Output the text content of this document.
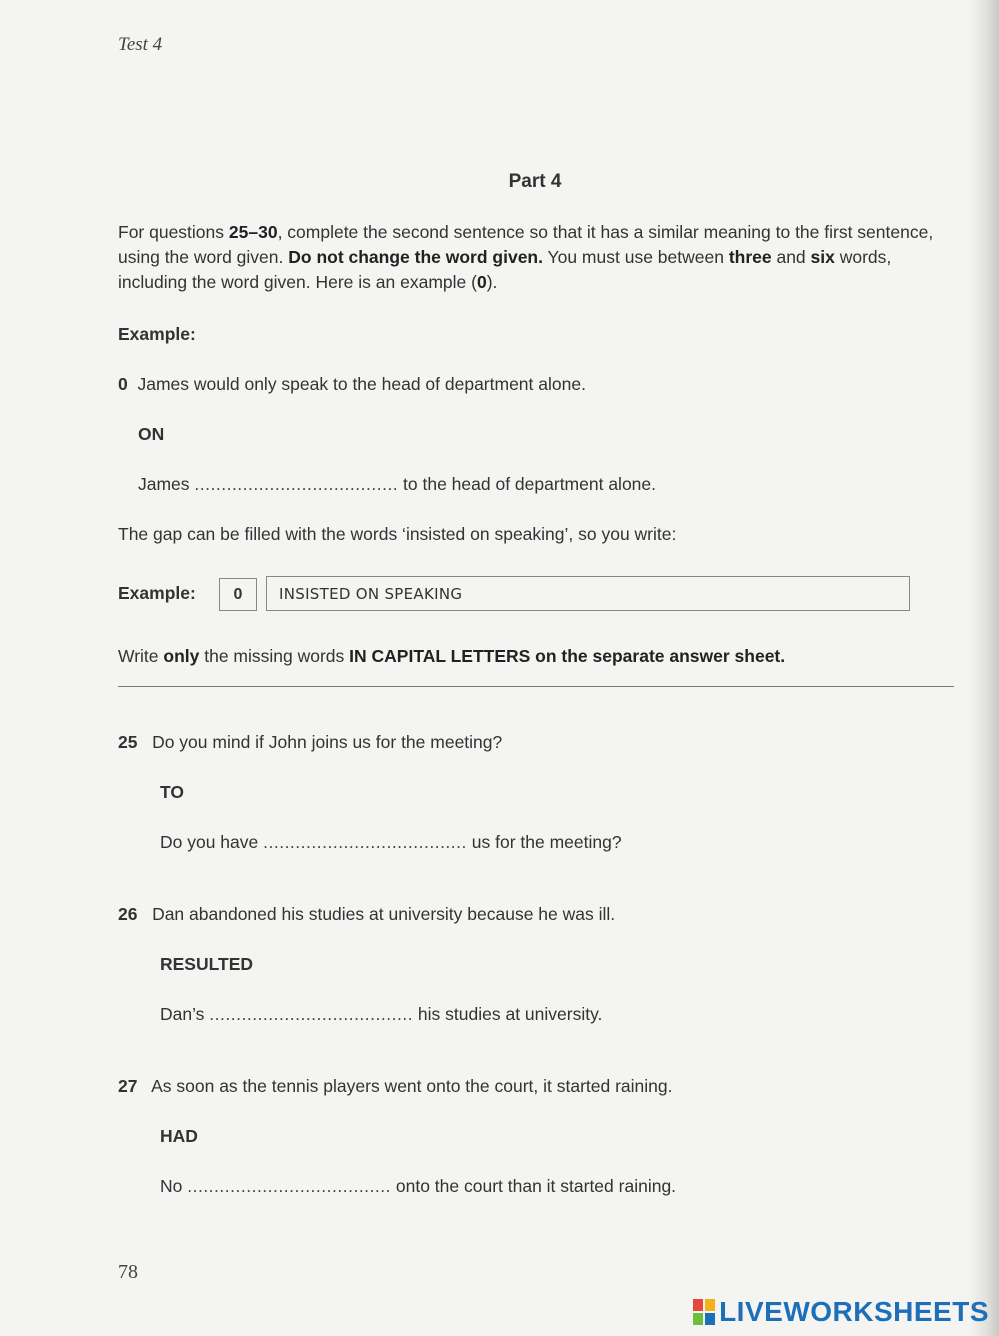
Test 4
Part 4
For questions 25–30, complete the second sentence so that it has a similar meaning to the first sentence, using the word given. Do not change the word given. You must use between three and six words, including the word given. Here is an example (0).
Example:
0 James would only speak to the head of department alone.
ON
James ...................................... to the head of department alone.
The gap can be filled with the words ‘insisted on speaking’, so you write:
Example:	0	INSISTED ON SPEAKING
Write only the missing words IN CAPITAL LETTERS on the separate answer sheet.
25 Do you mind if John joins us for the meeting?
TO
Do you have ...................................... us for the meeting?
26 Dan abandoned his studies at university because he was ill.
RESULTED
Dan’s ...................................... his studies at university.
27 As soon as the tennis players went onto the court, it started raining.
HAD
No ...................................... onto the court than it started raining.
78
LIVEWORKSHEETS
